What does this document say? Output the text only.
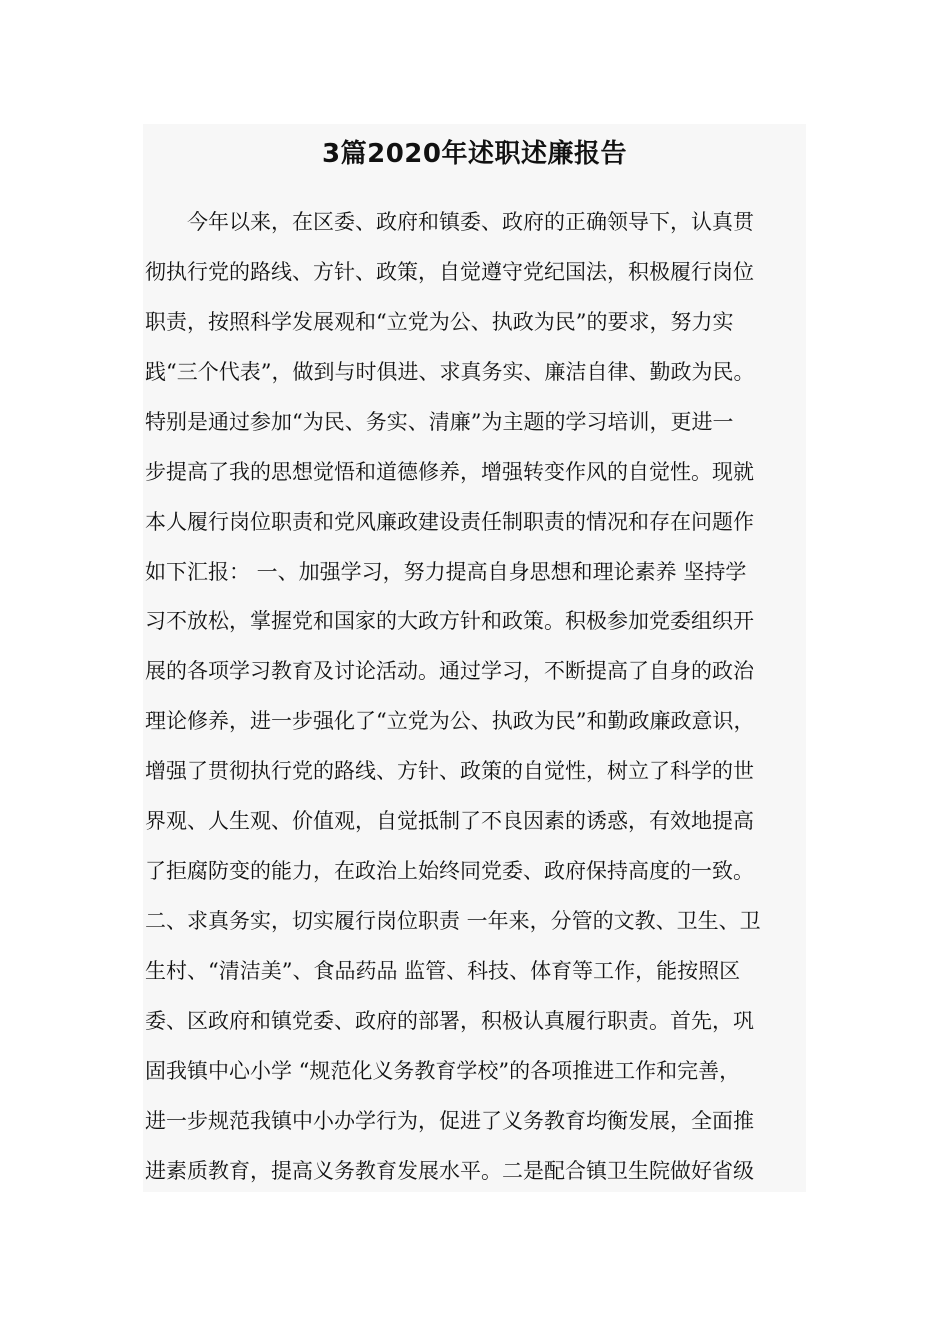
3篇2020年述职述廉报告
　　今年以来，在区委、政府和镇委、政府的正确领导下，认真贯
彻执行党的路线、方针、政策，自觉遵守党纪国法，积极履行岗位
职责，按照科学发展观和“立党为公、执政为民”的要求，努力实
践“三个代表”，做到与时俱进、求真务实、廉洁自律、勤政为民。
特别是通过参加“为民、务实、清廉”为主题的学习培训，更进一
步提高了我的思想觉悟和道德修养，增强转变作风的自觉性。现就
本人履行岗位职责和党风廉政建设责任制职责的情况和存在问题作
如下汇报： 一、加强学习，努力提高自身思想和理论素养 坚持学
习不放松，掌握党和国家的大政方针和政策。积极参加党委组织开
展的各项学习教育及讨论活动。通过学习，不断提高了自身的政治
理论修养，进一步强化了“立党为公、执政为民”和勤政廉政意识，
增强了贯彻执行党的路线、方针、政策的自觉性，树立了科学的世
界观、人生观、价值观，自觉抵制了不良因素的诱惑，有效地提高
了拒腐防变的能力，在政治上始终同党委、政府保持高度的一致。
二、求真务实，切实履行岗位职责 一年来，分管的文教、卫生、卫
生村、“清洁美”、食品药品 监管、科技、体育等工作，能按照区
委、区政府和镇党委、政府的部署，积极认真履行职责。首先，巩
固我镇中心小学 “规范化义务教育学校”的各项推进工作和完善，
进一步规范我镇中小办学行为，促进了义务教育均衡发展，全面推
进素质教育，提高义务教育发展水平。二是配合镇卫生院做好省级
